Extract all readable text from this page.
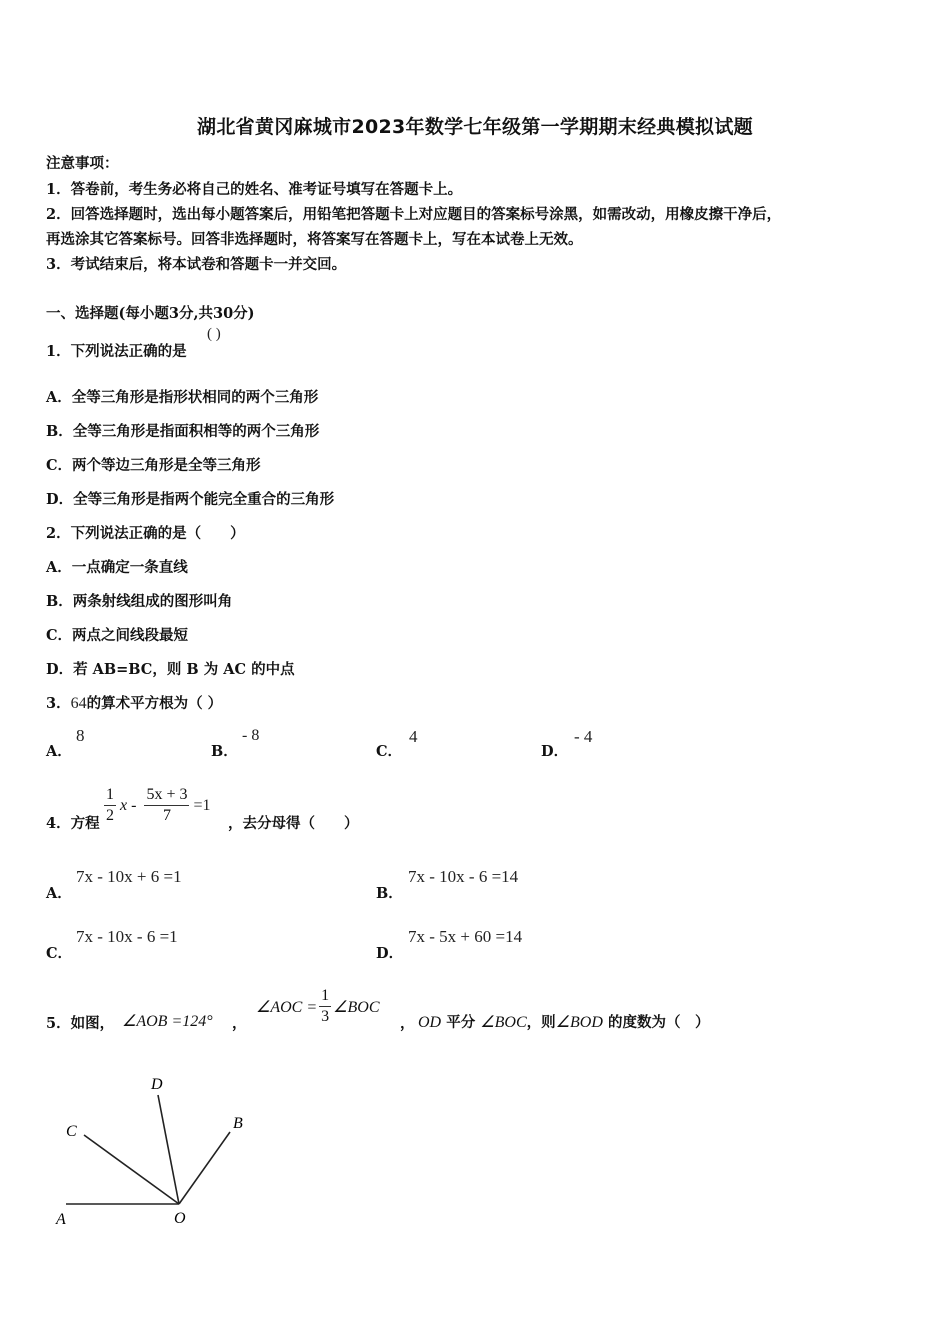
湖北省黄冈麻城市2023年数学七年级第一学期期末经典模拟试题
注意事项：
1．答卷前，考生务必将自己的姓名、准考证号填写在答题卡上。
2．回答选择题时，选出每小题答案后，用铅笔把答题卡上对应题目的答案标号涂黑，如需改动，用橡皮擦干净后，
再选涂其它答案标号。回答非选择题时，将答案写在答题卡上，写在本试卷上无效。
3．考试结束后，将本试卷和答题卡一并交回。
一、选择题(每小题3分,共30分)
1．下列说法正确的是
( )
A．全等三角形是指形状相同的两个三角形
B．全等三角形是指面积相等的两个三角形
C．两个等边三角形是全等三角形
D．全等三角形是指两个能完全重合的三角形
2．下列说法正确的是（　　）
A．一点确定一条直线
B．两条射线组成的图形叫角
C．两点之间线段最短
D．若 AB=BC，则 B 为 AC 的中点
3．64的算术平方根为（ ）
A．
8
B．
- 8
C．
4
D．
- 4
4．方程 $\frac{1}{2}$ $x - \frac{5x + 3}{7} =1$
，去分母得（　　）
A．
7x - 10x + 6 =1
B．
7x - 10x - 6 =14
C．
7x - 10x - 6 =1
D．
7x - 5x + 60 =14
5．如图， ∠AOB =124° ，
∠AOC = $\frac{1}{3}$ ∠BOC
， OD 平分 ∠BOC，则∠BOD 的度数为（　）
D
C	B
A	O
